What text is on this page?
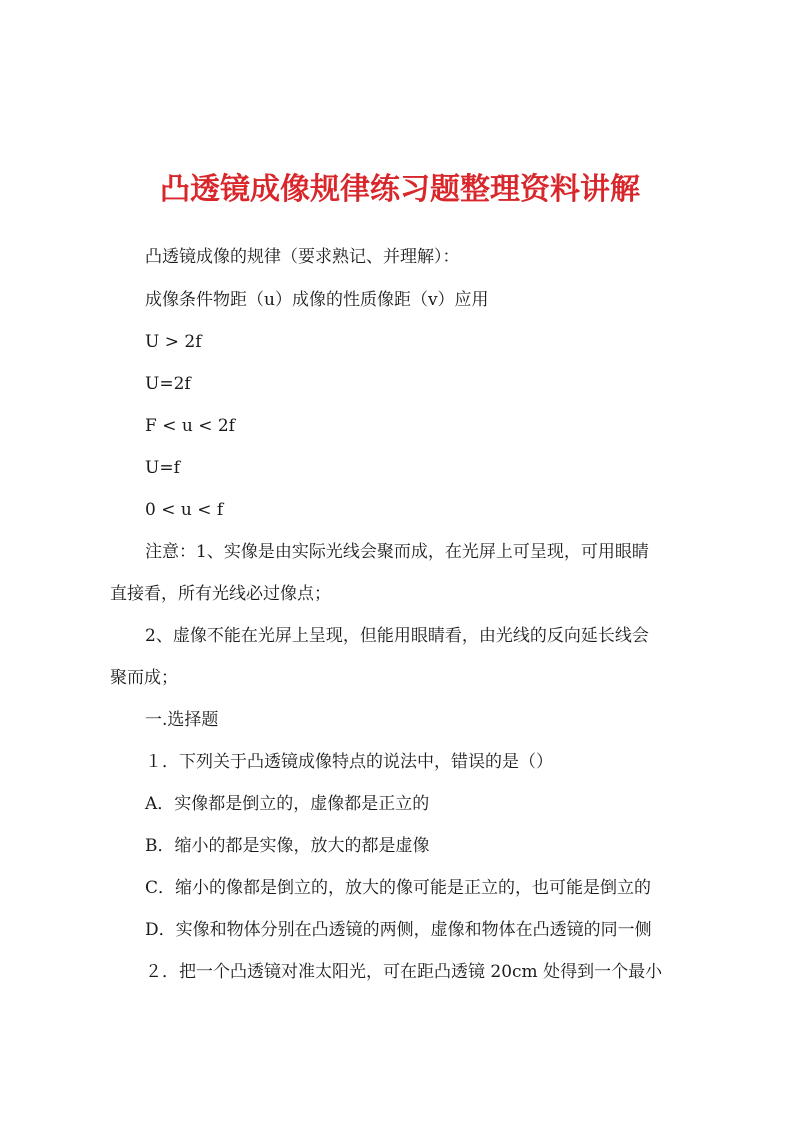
凸透镜成像规律练习题整理资料讲解
凸透镜成像的规律（要求熟记、并理解）：
成像条件物距（u）成像的性质像距（v）应用
U > 2f
U=2f
F < u < 2f
U=f
0 < u < f
注意：1、实像是由实际光线会聚而成，在光屏上可呈现，可用眼睛
直接看，所有光线必过像点；
2、虚像不能在光屏上呈现，但能用眼睛看，由光线的反向延长线会
聚而成；
一.选择题
１．下列关于凸透镜成像特点的说法中，错误的是（）
A．实像都是倒立的，虚像都是正立的
B．缩小的都是实像，放大的都是虚像
C．缩小的像都是倒立的，放大的像可能是正立的，也可能是倒立的
D．实像和物体分别在凸透镜的两侧，虚像和物体在凸透镜的同一侧
２．把一个凸透镜对准太阳光，可在距凸透镜 20cm 处得到一个最小
